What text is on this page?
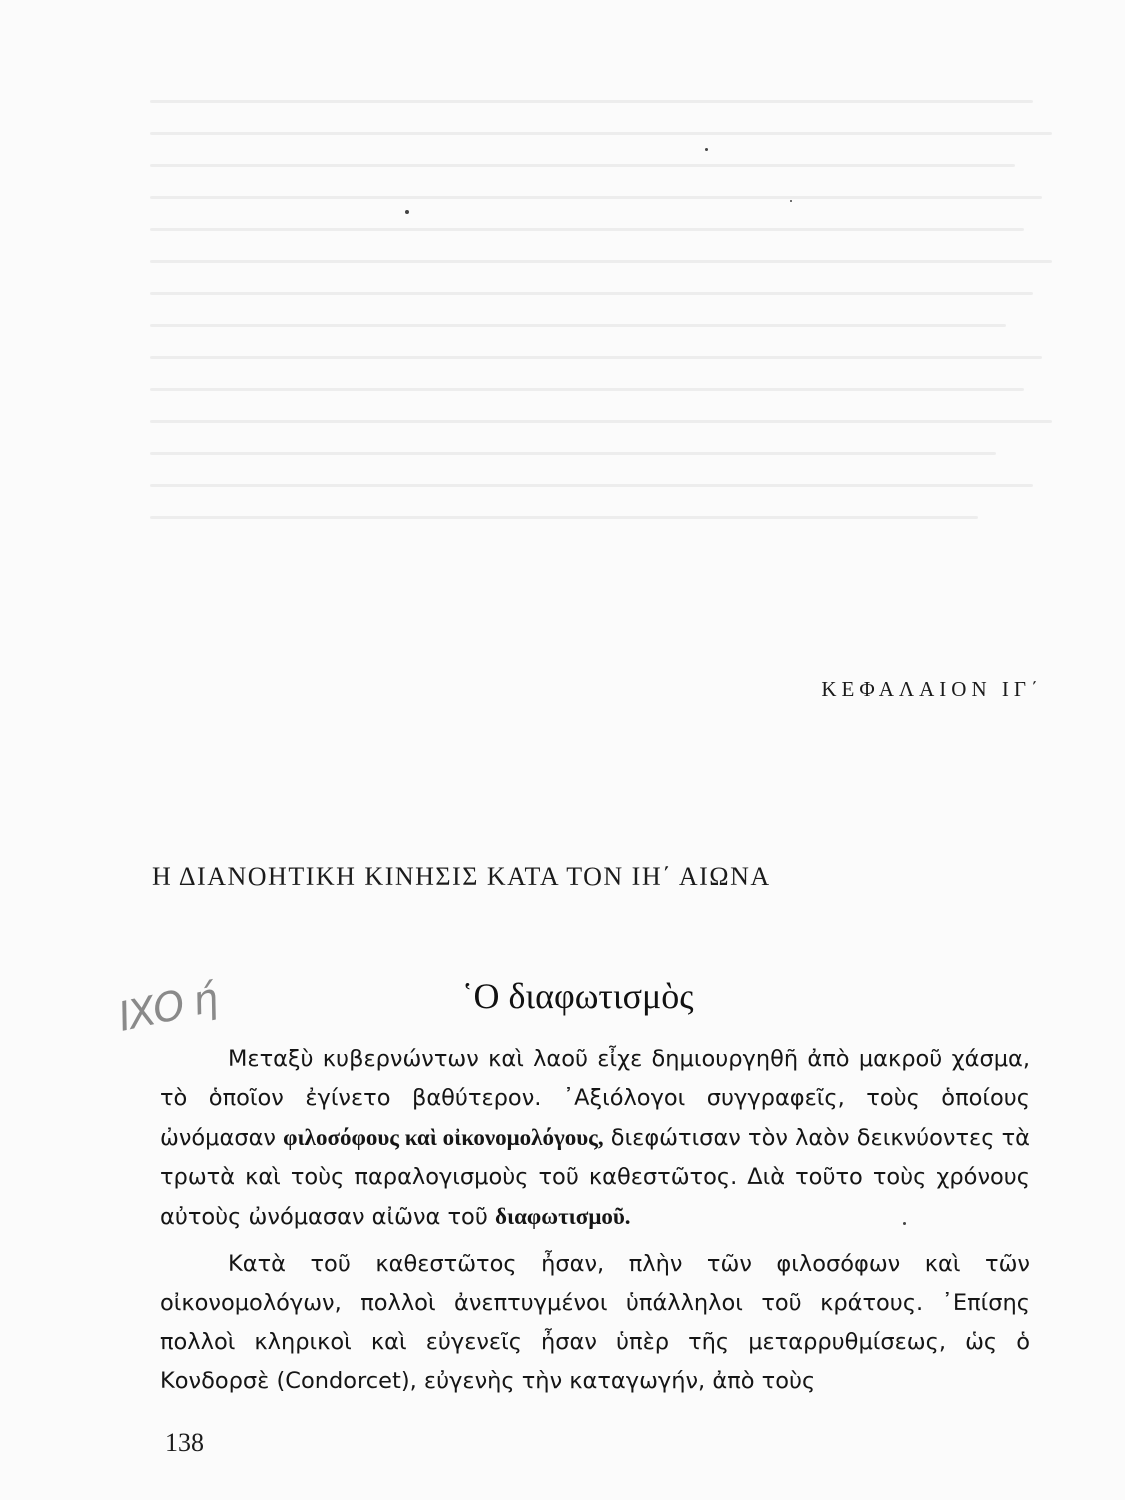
ΚΕΦΑΛΑΙΟΝ ΙΓ΄
Η ΔΙΑΝΟΗΤΙΚΗ ΚΙΝΗΣΙΣ ΚΑΤΑ ΤΟΝ ΙΗ΄ ΑΙΩΝΑ
ΙΧΟ ή	῾Ο διαφωτισμὸς

Μεταξὺ κυβερνώντων καὶ λαοῦ εἶχε δημιουργηθῆ ἀπὸ μακροῦ χάσμα, τὸ ὁποῖον ἐγίνετο βαθύτερον. ᾿Αξιόλογοι συγγραφεῖς, τοὺς ὁποίους ὠνόμασαν φιλοσόφους καὶ οἰκονομολόγους, διεφώτισαν τὸν λαὸν δεικνύοντες τὰ τρωτὰ καὶ τοὺς παραλογισμοὺς τοῦ καθεστῶτος. Διὰ τοῦτο τοὺς χρόνους αὐτοὺς ὠνόμασαν αἰῶνα τοῦ διαφωτισμοῦ.

Κατὰ τοῦ καθεστῶτος ἦσαν, πλὴν τῶν φιλοσόφων καὶ τῶν οἰκονομολόγων, πολλοὶ ἀνεπτυγμένοι ὑπάλληλοι τοῦ κράτους. ᾿Επίσης πολλοὶ κληρικοὶ καὶ εὐγενεῖς ἦσαν ὑπὲρ τῆς μεταρρυθμίσεως, ὡς ὁ Κονδορσὲ (Condorcet), εὐγενὴς τὴν καταγωγήν, ἀπὸ τοὺς

138
